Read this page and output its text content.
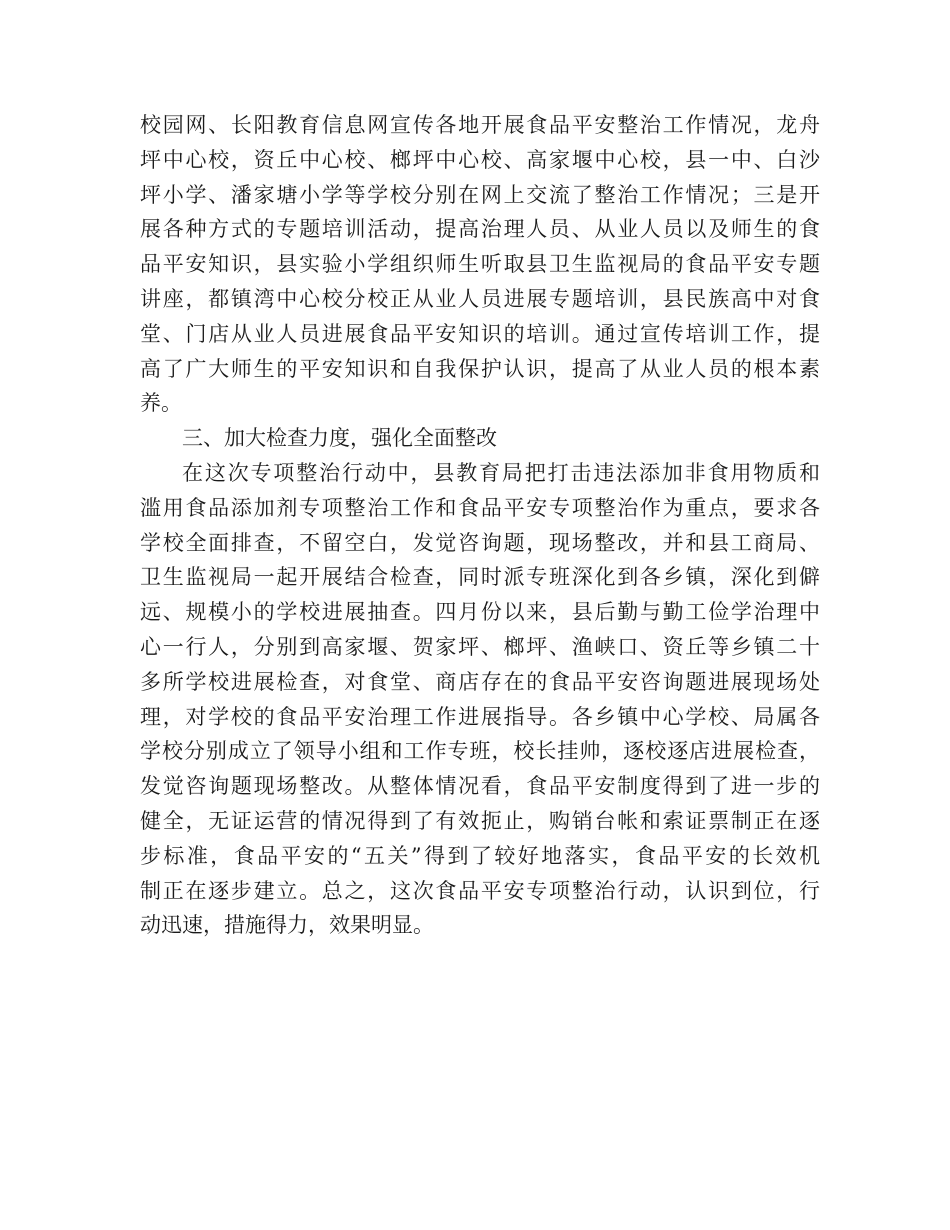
校园网、长阳教育信息网宣传各地开展食品平安整治工作情况，龙舟
坪中心校，资丘中心校、榔坪中心校、高家堰中心校，县一中、白沙
坪小学、潘家塘小学等学校分别在网上交流了整治工作情况；三是开
展各种方式的专题培训活动，提高治理人员、从业人员以及师生的食
品平安知识，县实验小学组织师生听取县卫生监视局的食品平安专题
讲座，都镇湾中心校分校正从业人员进展专题培训，县民族高中对食
堂、门店从业人员进展食品平安知识的培训。通过宣传培训工作，提
高了广大师生的平安知识和自我保护认识，提高了从业人员的根本素
养。
三、加大检查力度，强化全面整改
在这次专项整治行动中，县教育局把打击违法添加非食用物质和
滥用食品添加剂专项整治工作和食品平安专项整治作为重点，要求各
学校全面排查，不留空白，发觉咨询题，现场整改，并和县工商局、
卫生监视局一起开展结合检查，同时派专班深化到各乡镇，深化到僻
远、规模小的学校进展抽查。四月份以来，县后勤与勤工俭学治理中
心一行人，分别到高家堰、贺家坪、榔坪、渔峡口、资丘等乡镇二十
多所学校进展检查，对食堂、商店存在的食品平安咨询题进展现场处
理，对学校的食品平安治理工作进展指导。各乡镇中心学校、局属各
学校分别成立了领导小组和工作专班，校长挂帅，逐校逐店进展检查，
发觉咨询题现场整改。从整体情况看，食品平安制度得到了进一步的
健全，无证运营的情况得到了有效扼止，购销台帐和索证票制正在逐
步标准，食品平安的“五关”得到了较好地落实，食品平安的长效机
制正在逐步建立。总之，这次食品平安专项整治行动，认识到位，行
动迅速，措施得力，效果明显。
